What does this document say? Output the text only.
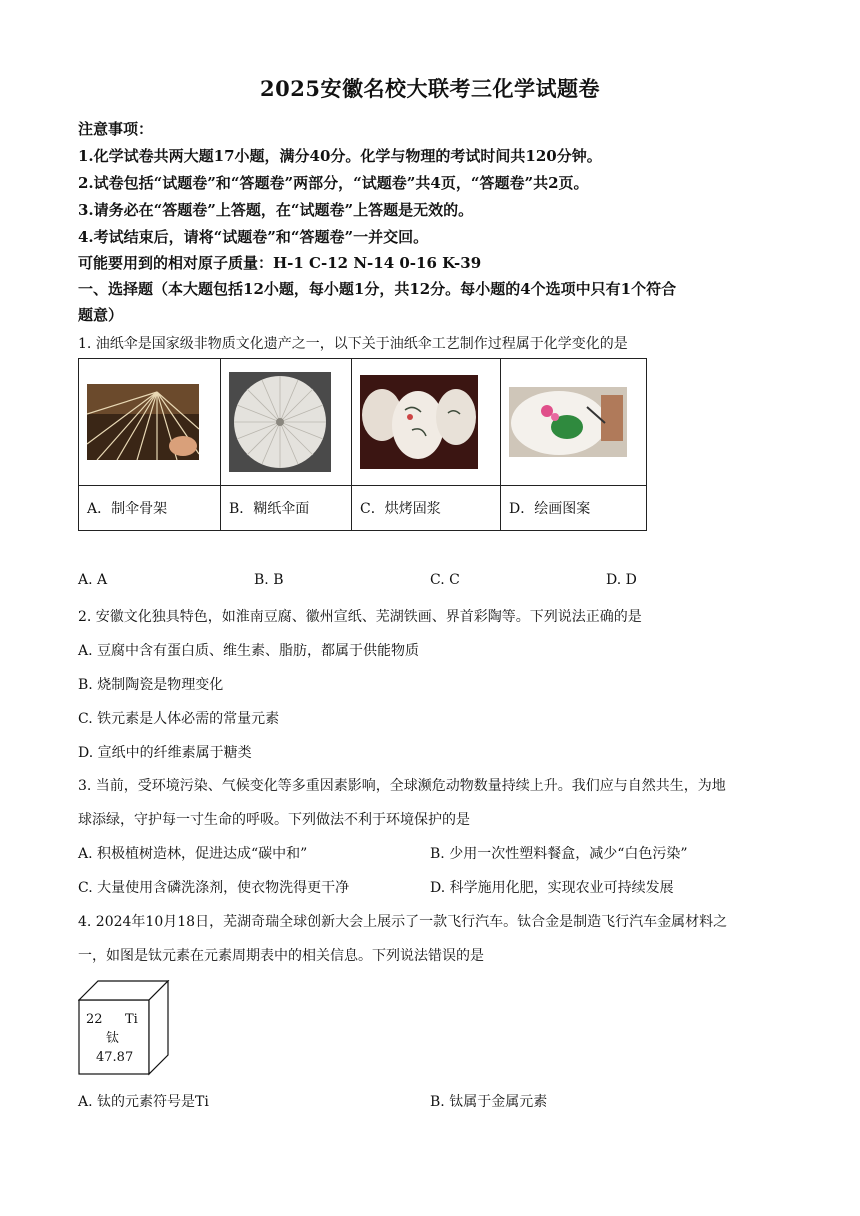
2025安徽名校大联考三化学试题卷
注意事项：
1.化学试卷共两大题17小题，满分40分。化学与物理的考试时间共120分钟。
2.试卷包括“试题卷”和“答题卷”两部分，“试题卷”共4页，“答题卷”共2页。
3.请务必在“答题卷”上答题，在“试题卷”上答题是无效的。
4.考试结束后，请将“试题卷”和“答题卷”一并交回。
可能要用到的相对原子质量：H-1 C-12 N-14 0-16 K-39
一、选择题（本大题包括12小题，每小题1分，共12分。每小题的4个选项中只有1个符合
题意）
1. 油纸伞是国家级非物质文化遗产之一，以下关于油纸伞工艺制作过程属于化学变化的是

A．制伞骨架	B．糊纸伞面	C．烘烤固浆	D．绘画图案
A. A	B. B	C. C	D. D
2. 安徽文化独具特色，如淮南豆腐、徽州宣纸、芜湖铁画、界首彩陶等。下列说法正确的是
A. 豆腐中含有蛋白质、维生素、脂肪，都属于供能物质
B. 烧制陶瓷是物理变化
C. 铁元素是人体必需的常量元素
D. 宣纸中的纤维素属于糖类
3. 当前，受环境污染、气候变化等多重因素影响，全球濒危动物数量持续上升。我们应与自然共生，为地
球添绿，守护每一寸生命的呼吸。下列做法不利于环境保护的是
A. 积极植树造林，促进达成“碳中和”	B. 少用一次性塑料餐盒，减少“白色污染”
C. 大量使用含磷洗涤剂，使衣物洗得更干净	D. 科学施用化肥，实现农业可持续发展
4. 2024年10月18日，芜湖奇瑞全球创新大会上展示了一款飞行汽车。钛合金是制造飞行汽车金属材料之
一，如图是钛元素在元素周期表中的相关信息。下列说法错误的是
22 Ti
钛
47.87
A. 钛的元素符号是Ti	B. 钛属于金属元素
